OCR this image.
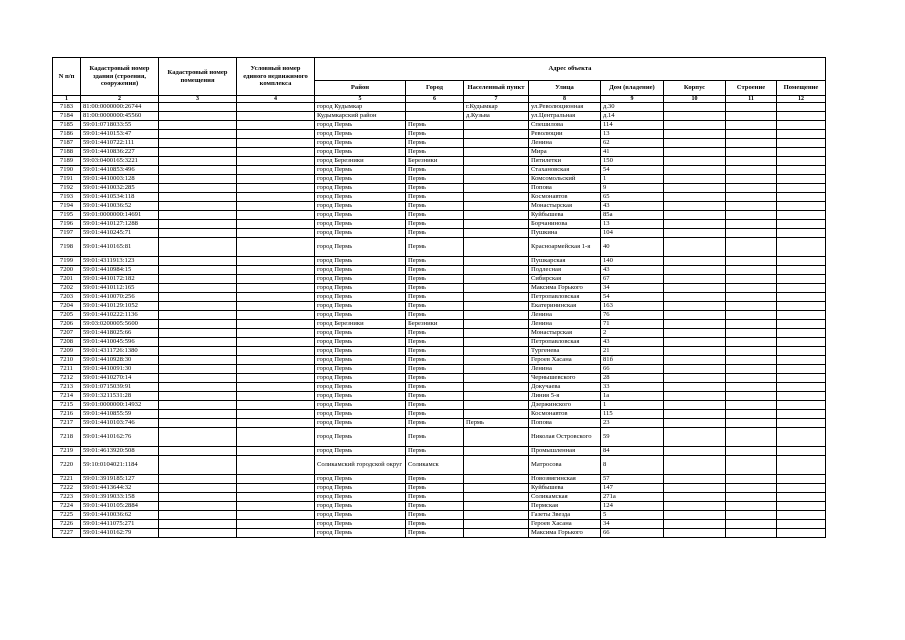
N п/п	Кадастровый номер здания (строения, сооружения)	Кадастровый номер помещения	Условный номер единого недвижимого комплекса	Адрес объекта							
				Район	Город	Населенный пункт	Улица	Дом (владение)	Корпус	Строение	Помещение
1	2	3	4	5	6	7	8	9	10	11	12
7183	81:00:0000000:26744			город Кудымкар		г.Кудымкар	ул.Революционная	д.30			
7184	81:00:0000000:45560			Кудымкарский район		д.Кузьва	ул.Центральная	д.14			
7185	59:01:0718033:55			город Пермь	Пермь		Спешилова	114			
7186	59:01:4410153:47			город Пермь	Пермь		Революции	13			
7187	59:01:4410722:111			город Пермь	Пермь		Ленина	62			
7188	59:01:4410836:227			город Пермь	Пермь		Мира	41			
7189	59:03:0400165:3221			город Березники	Березники		Пятилетки	150			
7190	59:01:4410853:496			город Пермь	Пермь		Стахановская	54			
7191	59:01:4410003:128			город Пермь	Пермь		Комсомольский	1			
7192	59:01:4410032:285			город Пермь	Пермь		Попова	9			
7193	59:01:4410534:118			город Пермь	Пермь		Космонавтов	65			
7194	59:01:4410036:52			город Пермь	Пермь		Монастырская	43			
7195	59:01:0000000:14691			город Пермь	Пермь		Куйбышева	85а			
7196	59:01:4410127:1288			город Пермь	Пермь		Борчанинова	13			
7197	59:01:4410245:71			город Пермь	Пермь		Пушкина	104			
7198	59:01:4410165:81			город Пермь	Пермь		Красноармейская 1-я	40			
7199	59:01:4311913:123			город Пермь	Пермь		Пушкарская	140			
7200	59:01:4410984:15			город Пермь	Пермь		Подлесная	43			
7201	59:01:4410172:182			город Пермь	Пермь		Сибирская	67			
7202	59:01:4410112:165			город Пермь	Пермь		Максима Горького	34			
7203	59:01:4410070:256			город Пермь	Пермь		Петропавловская	54			
7204	59:01:4410129:1052			город Пермь	Пермь		Екатерининская	163			
7205	59:01:4410222:1136			город Пермь	Пермь		Ленина	76			
7206	59:03:0200005:5600			город Березники	Березники		Ленина	71			
7207	59:01:4418025:66			город Пермь	Пермь		Монастырская	2			
7208	59:01:4410045:596			город Пермь	Пермь		Петропавловская	43			
7209	59:01:4311726:1380			город Пермь	Пермь		Тургенева	21			
7210	59:01:4410928:30			город Пермь	Пермь		Героев Хасана	81б			
7211	59:01:4410091:30			город Пермь	Пермь		Ленина	66			
7212	59:01:4410270:14			город Пермь	Пермь		Чернышевского	28			
7213	59:01:0715039:91			город Пермь	Пермь		Докучаева	33			
7214	59:01:3211531:28			город Пермь	Пермь		Линия 5-я	1а			
7215	59:01:0000000:14932			город Пермь	Пермь		Дзержинского	1			
7216	59:01:4410855:59			город Пермь	Пермь		Космонавтов	115			
7217	59:01:4410103:746			город Пермь	Пермь	Пермь	Попова	23			
7218	59:01:4410162:76			город Пермь	Пермь		Николая Островского	59			
7219	59:01:4613920:508			город Пермь	Пермь		Промышленная	84			
7220	59:10:0104021:1184			Соликамский городской округ	Соликамск		Матросова	8			
7221	59:01:3919185:127			город Пермь	Пермь		Новозвягинская	57			
7222	59:01:4413644:32			город Пермь	Пермь		Куйбышева	147			
7223	59:01:3919033:158			город Пермь	Пермь		Соликамская	271а			
7224	59:01:4410105:2884			город Пермь	Пермь		Пермская	124			
7225	59:01:4410036:62			город Пермь	Пермь		Газеты Звезда	5			
7226	59:01:4411075:271			город Пермь	Пермь		Героев Хасана	34			
7227	59:01:4410162:79			город Пермь	Пермь		Максима Горького	66			
